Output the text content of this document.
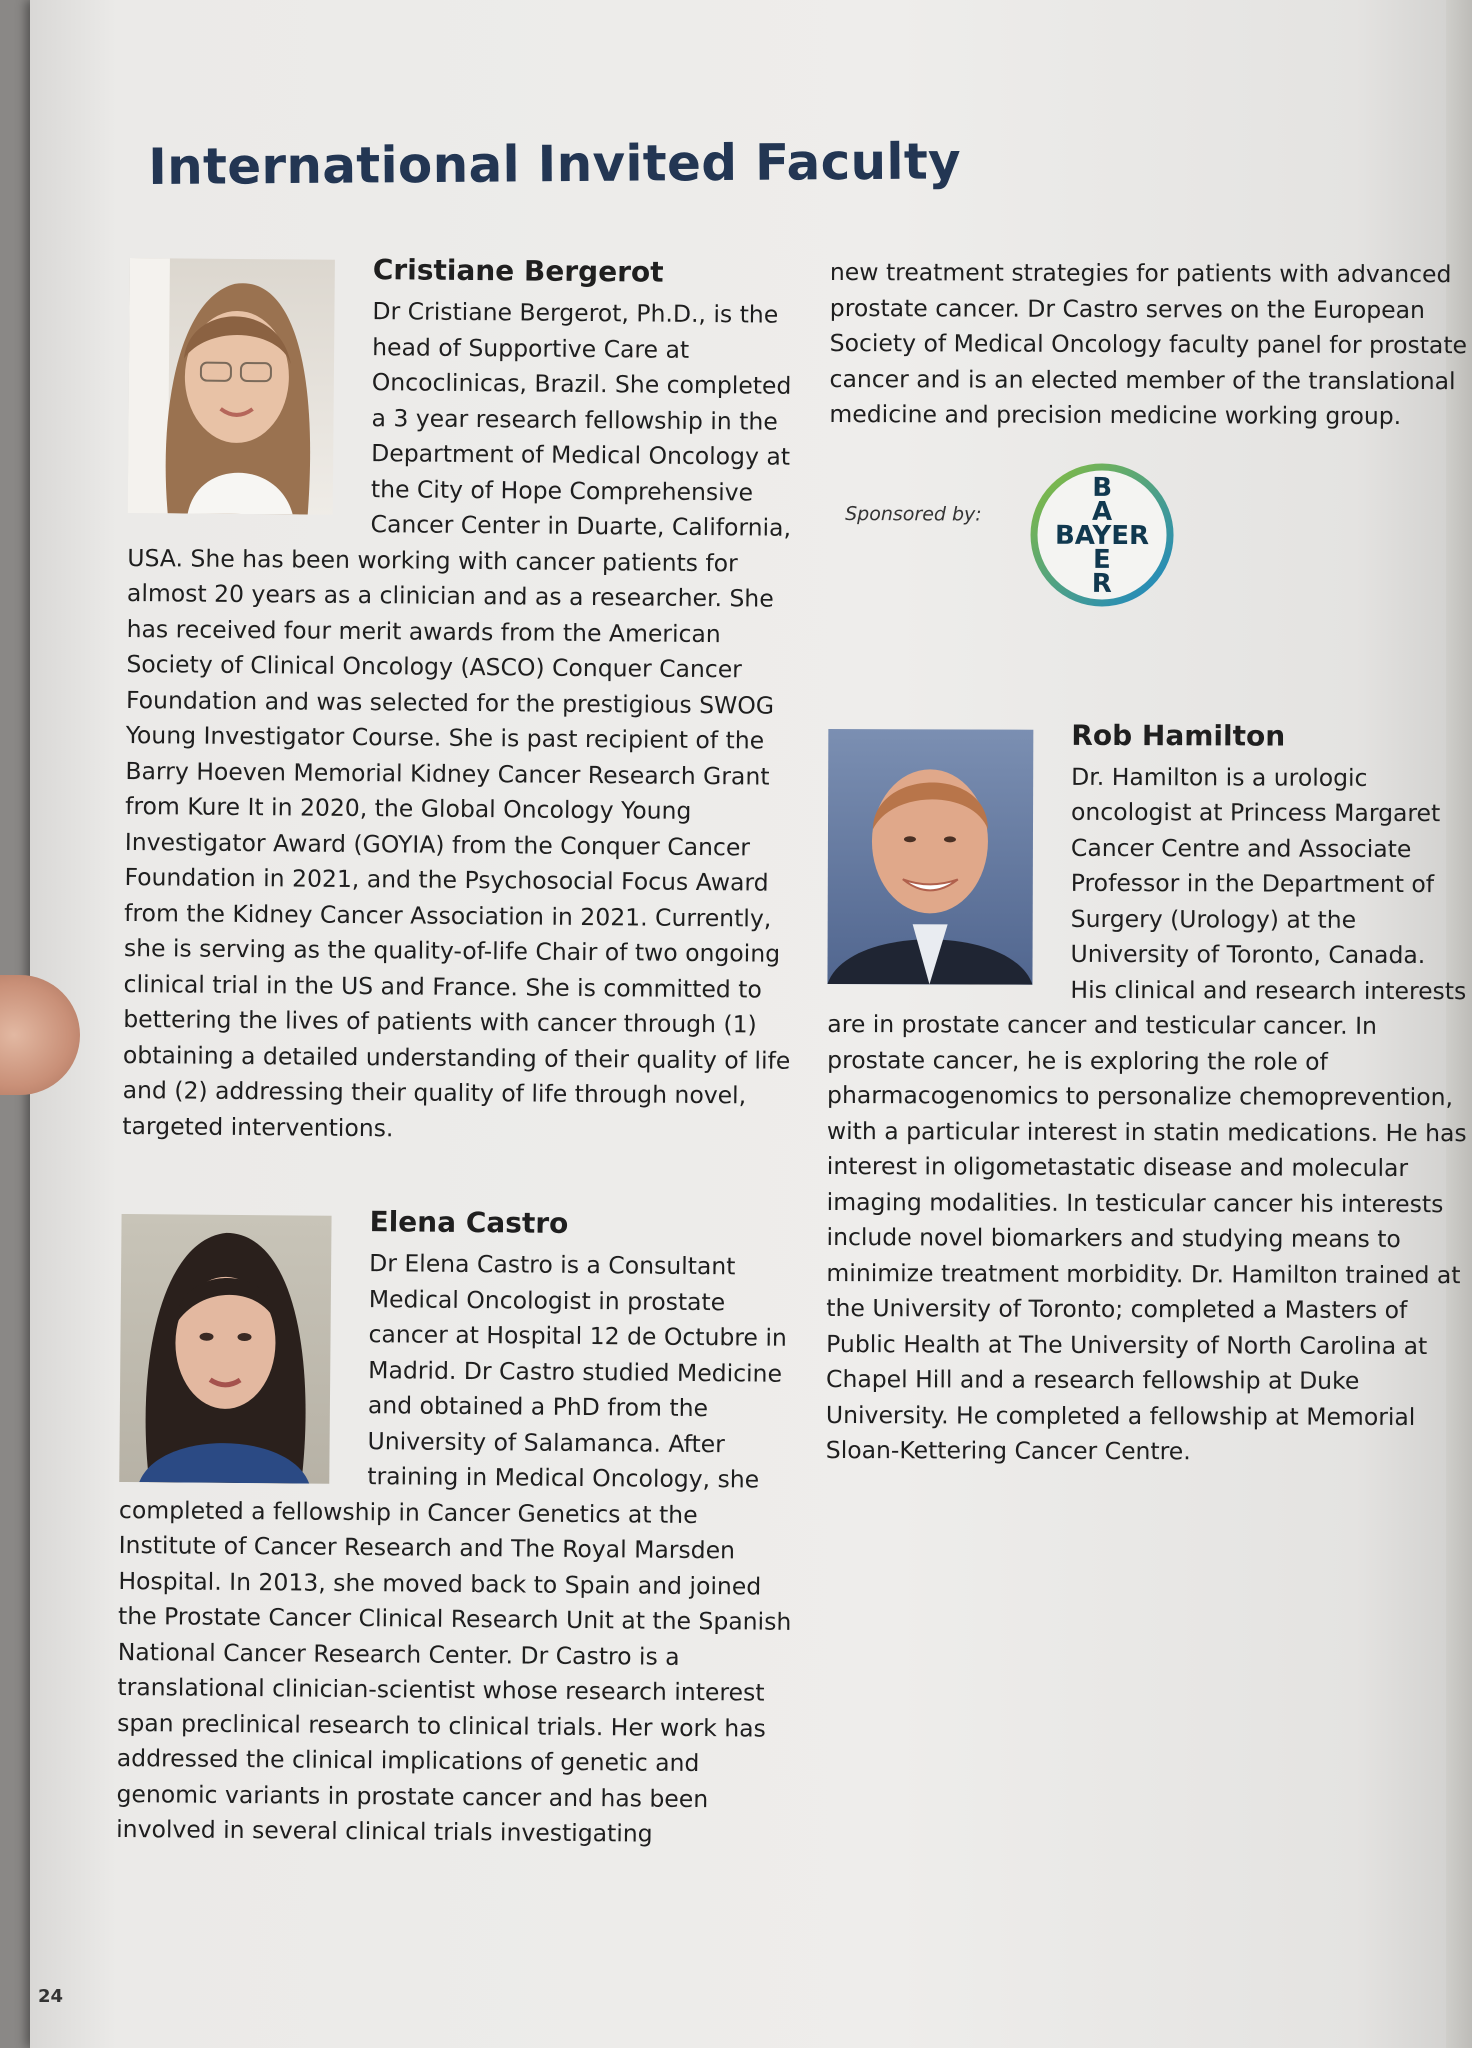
International Invited Faculty
Cristiane Bergerot

Dr Cristiane Bergerot, Ph.D., is the head of Supportive Care at Oncoclinicas, Brazil. She completed a 3 year research fellowship in the Department of Medical Oncology at the City of Hope Comprehensive Cancer Center in Duarte, California, USA. She has been working with cancer patients for almost 20 years as a clinician and as a researcher. She has received four merit awards from the American Society of Clinical Oncology (ASCO) Conquer Cancer Foundation and was selected for the prestigious SWOG Young Investigator Course. She is past recipient of the Barry Hoeven Memorial Kidney Cancer Research Grant from Kure It in 2020, the Global Oncology Young Investigator Award (GOYIA) from the Conquer Cancer Foundation in 2021, and the Psychosocial Focus Award from the Kidney Cancer Association in 2021. Currently, she is serving as the quality-of-life Chair of two ongoing clinical trial in the US and France. She is committed to bettering the lives of patients with cancer through (1) obtaining a detailed understanding of their quality of life and (2) addressing their quality of life through novel, targeted interventions.

Elena Castro

Dr Elena Castro is a Consultant Medical Oncologist in prostate cancer at Hospital 12 de Octubre in Madrid. Dr Castro studied Medicine and obtained a PhD from the University of Salamanca. After training in Medical Oncology, she completed a fellowship in Cancer Genetics at the Institute of Cancer Research and The Royal Marsden Hospital. In 2013, she moved back to Spain and joined the Prostate Cancer Clinical Research Unit at the Spanish National Cancer Research Center. Dr Castro is a translational clinician-scientist whose research interest span preclinical research to clinical trials. Her work has addressed the clinical implications of genetic and genomic variants in prostate cancer and has been involved in several clinical trials investigating

new treatment strategies for patients with advanced prostate cancer. Dr Castro serves on the European Society of Medical Oncology faculty panel for prostate cancer and is an elected member of the translational medicine and precision medicine working group.

Sponsored by:
B
A
E
R
BAYER
Rob Hamilton

Dr. Hamilton is a urologic oncologist at Princess Margaret Cancer Centre and Associate Professor in the Department of Surgery (Urology) at the University of Toronto, Canada. His clinical and research interests are in prostate cancer and testicular cancer. In prostate cancer, he is exploring the role of pharmacogenomics to personalize chemoprevention, with a particular interest in statin medications. He has interest in oligometastatic disease and molecular imaging modalities. In testicular cancer his interests include novel biomarkers and studying means to minimize treatment morbidity. Dr. Hamilton trained at the University of Toronto; completed a Masters of Public Health at The University of North Carolina at Chapel Hill and a research fellowship at Duke University. He completed a fellowship at Memorial Sloan-Kettering Cancer Centre.

24
